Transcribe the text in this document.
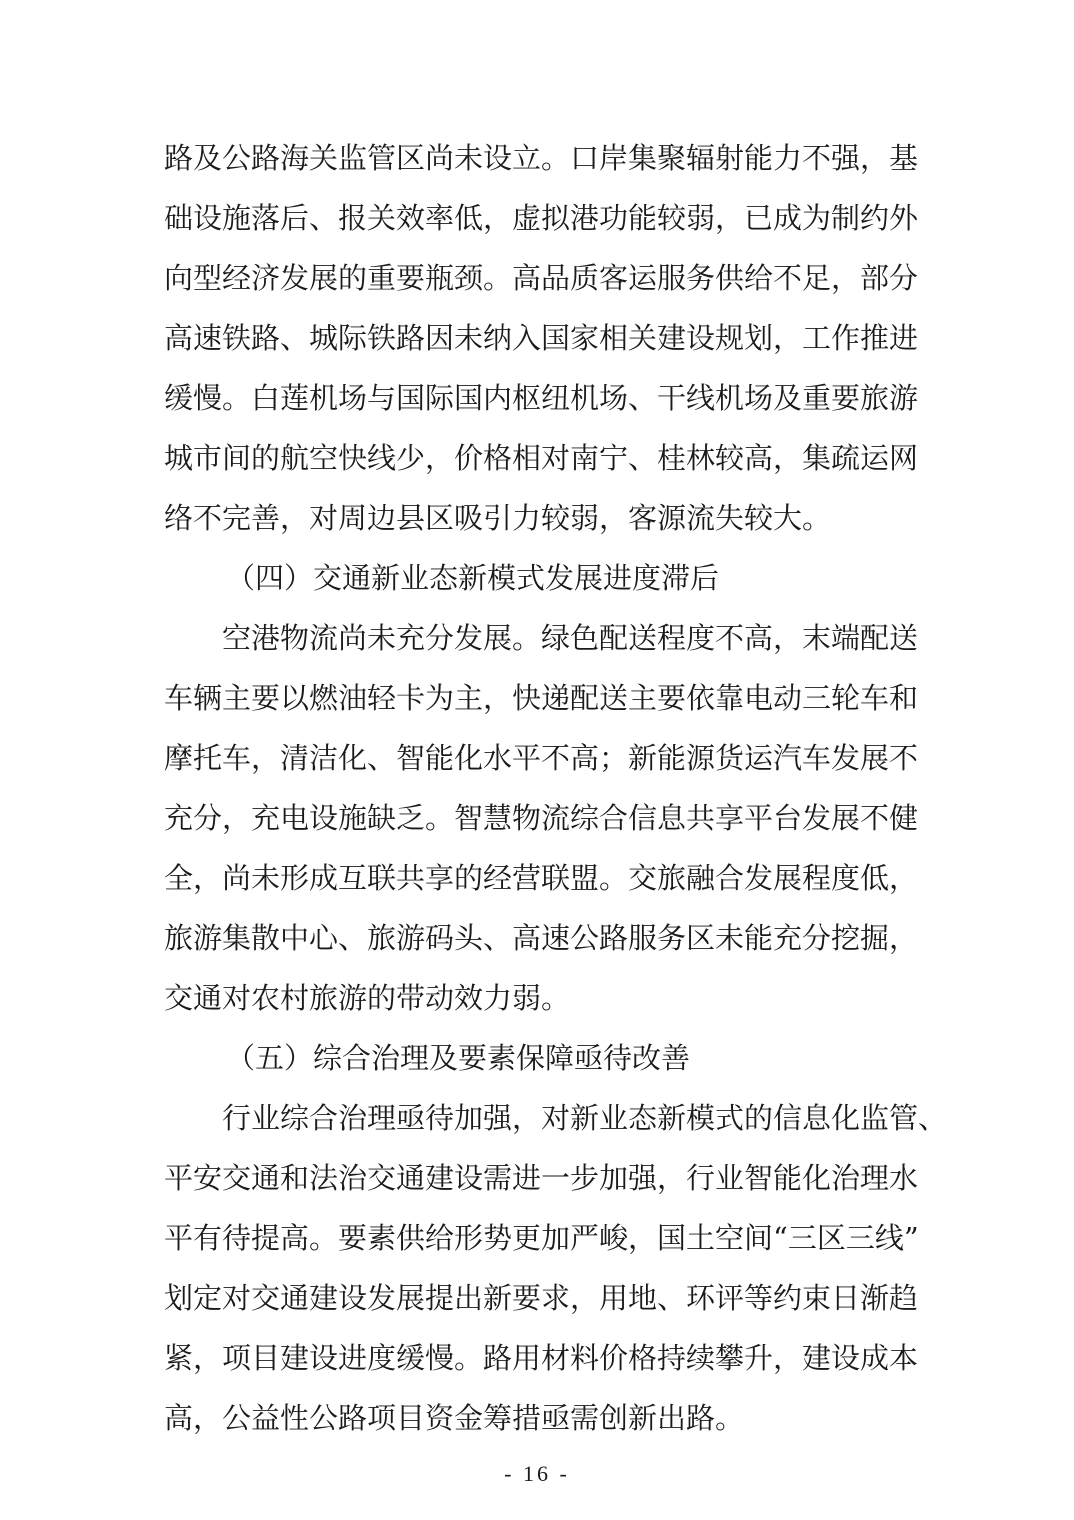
路及公路海关监管区尚未设立。口岸集聚辐射能力不强，基
础设施落后、报关效率低，虚拟港功能较弱，已成为制约外
向型经济发展的重要瓶颈。高品质客运服务供给不足，部分
高速铁路、城际铁路因未纳入国家相关建设规划，工作推进
缓慢。白莲机场与国际国内枢纽机场、干线机场及重要旅游
城市间的航空快线少，价格相对南宁、桂林较高，集疏运网
络不完善，对周边县区吸引力较弱，客源流失较大。
（四）交通新业态新模式发展进度滞后
空港物流尚未充分发展。绿色配送程度不高，末端配送
车辆主要以燃油轻卡为主，快递配送主要依靠电动三轮车和
摩托车，清洁化、智能化水平不高；新能源货运汽车发展不
充分，充电设施缺乏。智慧物流综合信息共享平台发展不健
全，尚未形成互联共享的经营联盟。交旅融合发展程度低，
旅游集散中心、旅游码头、高速公路服务区未能充分挖掘，
交通对农村旅游的带动效力弱。
（五）综合治理及要素保障亟待改善
行业综合治理亟待加强，对新业态新模式的信息化监管、
平安交通和法治交通建设需进一步加强，行业智能化治理水
平有待提高。要素供给形势更加严峻，国土空间“三区三线”
划定对交通建设发展提出新要求，用地、环评等约束日渐趋
紧，项目建设进度缓慢。路用材料价格持续攀升，建设成本
高，公益性公路项目资金筹措亟需创新出路。
- 16 -
